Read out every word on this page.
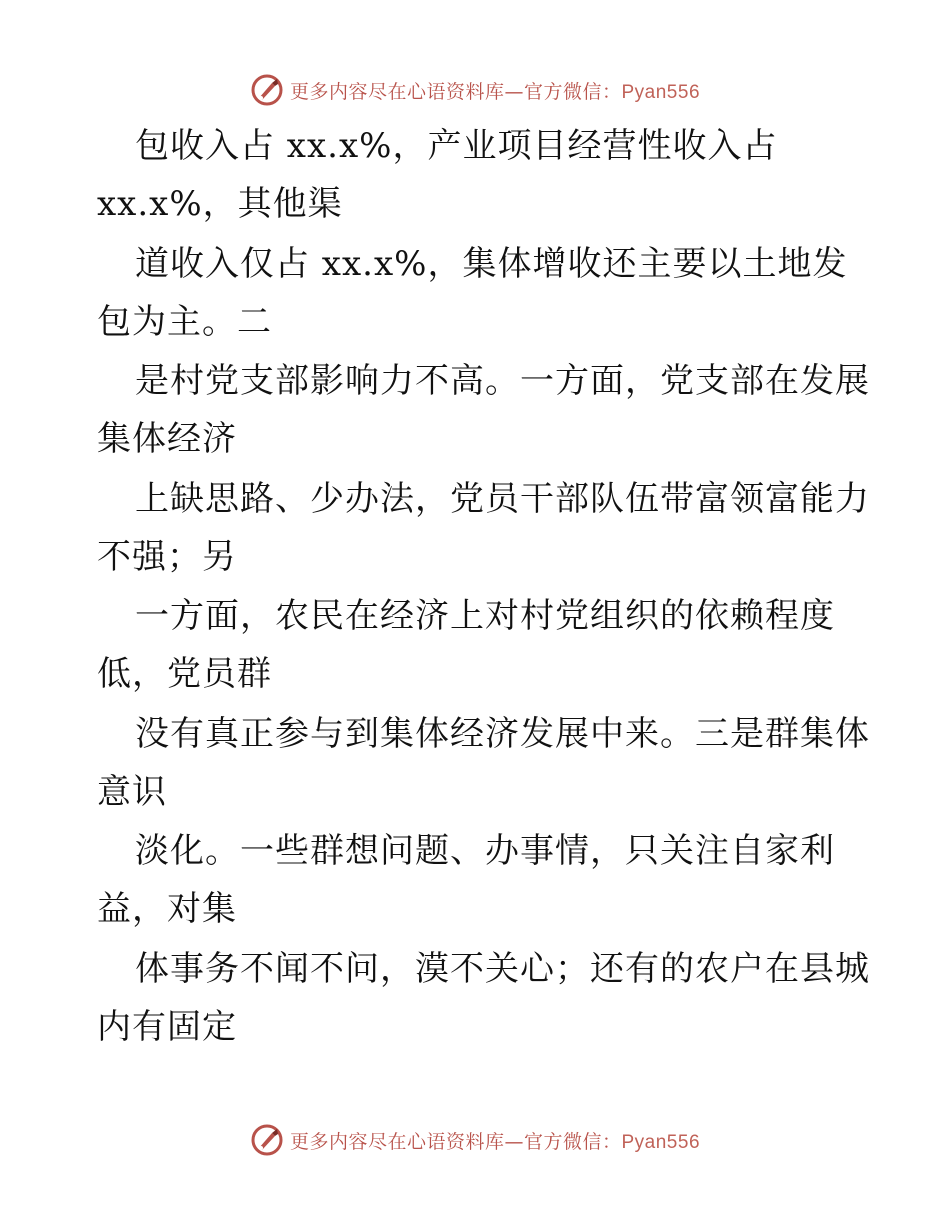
更多内容尽在心语资料库—官方微信：Pyan556
包收入占 xx.x%，产业项目经营性收入占
xx.x%，其他渠
道收入仅占 xx.x%，集体增收还主要以土地发
包为主。二
是村党支部影响力不高。一方面，党支部在发展
集体经济
上缺思路、少办法，党员干部队伍带富领富能力
不强；另
一方面，农民在经济上对村党组织的依赖程度
低，党员群
没有真正参与到集体经济发展中来。三是群集体
意识
淡化。一些群想问题、办事情，只关注自家利
益，对集
体事务不闻不问，漠不关心；还有的农户在县城
内有固定
更多内容尽在心语资料库—官方微信：Pyan556
